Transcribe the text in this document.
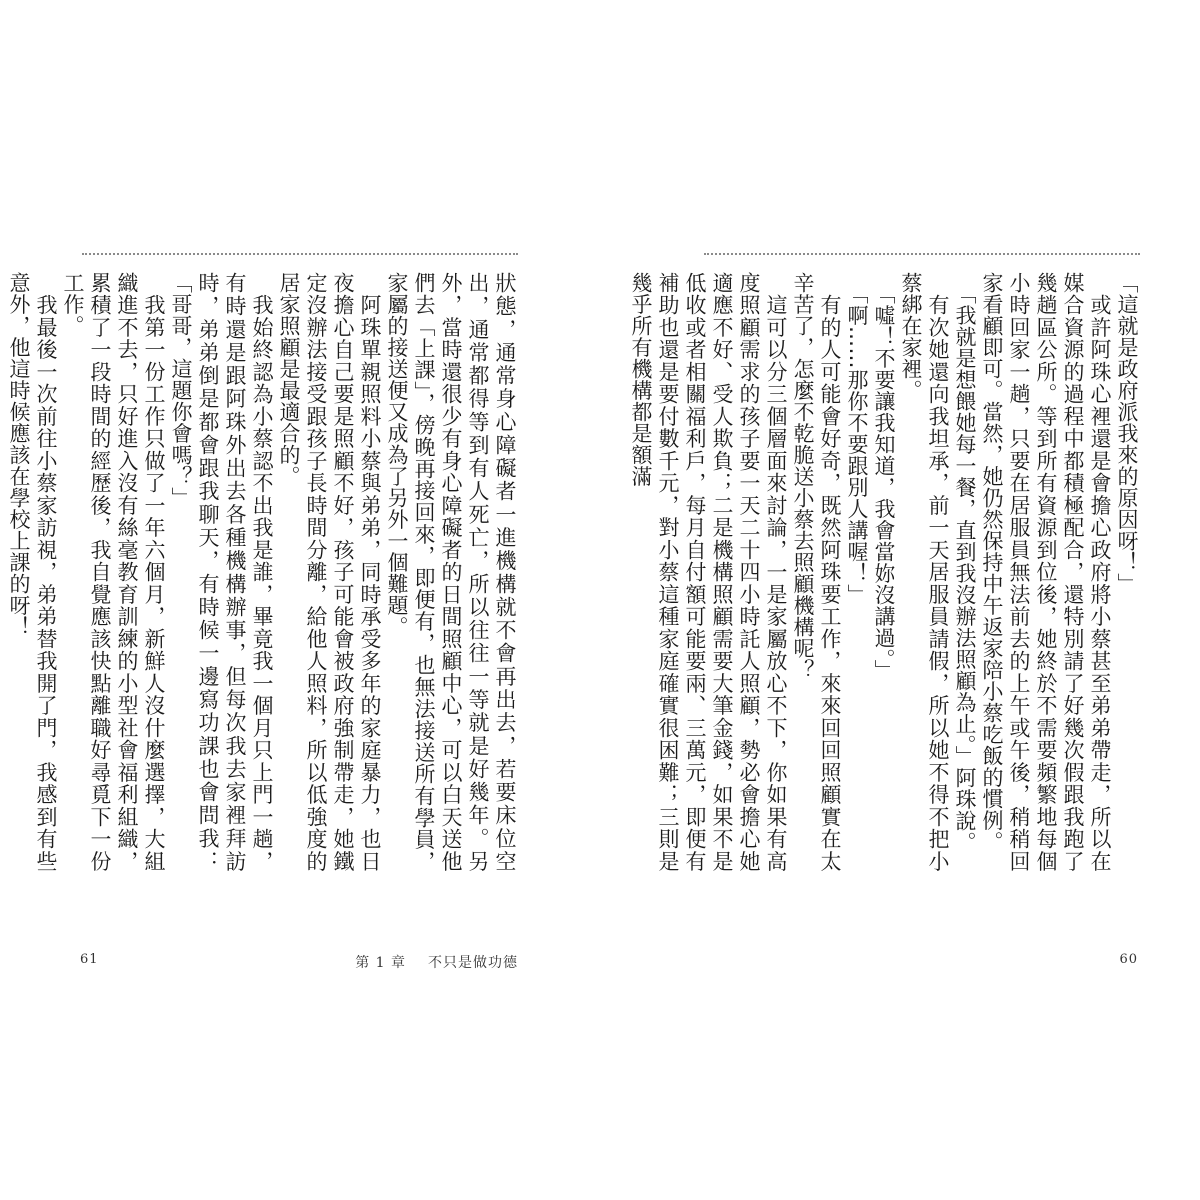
狀態，通常身心障礙者一進機構就不會再出去，若要床位空出，通常都得等到有人死亡，所以往往一等就是好幾年。另外，當時還很少有身心障礙者的日間照顧中心，可以白天送他們去「上課」，傍晚再接回來，即便有，也無法接送所有學員，家屬的接送便又成為了另外一個難題。

　阿珠單親照料小蔡與弟弟，同時承受多年的家庭暴力，也日夜擔心自己要是照顧不好，孩子可能會被政府強制帶走，她鐵定沒辦法接受跟孩子長時間分離，給他人照料，所以低強度的居家照顧是最適合的。

　我始終認為小蔡認不出我是誰，畢竟我一個月只上門一趟，有時還是跟阿珠外出去各種機構辦事，但每次我去家裡拜訪時，弟弟倒是都會跟我聊天，有時候一邊寫功課也會問我：「哥哥，這題你會嗎？」

　我第一份工作只做了一年六個月，新鮮人沒什麼選擇，大組織進不去，只好進入沒有絲毫教育訓練的小型社會福利組織，累積了一段時間的經歷後，我自覺應該快點離職好尋覓下一份工作。

　我最後一次前往小蔡家訪視，弟弟替我開了門，我感到有些意外，他這時候應該在學校上課的呀！

61	第 1 章 不只是做功德

「這就是政府派我來的原因呀！」

　或許阿珠心裡還是會擔心政府將小蔡甚至弟弟帶走，所以在媒合資源的過程中都積極配合，還特別請了好幾次假跟我跑了幾趟區公所。等到所有資源到位後，她終於不需要頻繁地每個小時回家一趟，只要在居服員無法前去的上午或午後，稍稍回家看顧即可。當然，她仍然保持中午返家陪小蔡吃飯的慣例。

　「我就是想餵她每一餐，直到我沒辦法照顧為止。」阿珠說。

　有次她還向我坦承，前一天居服員請假，所以她不得不把小蔡綁在家裡。

　「噓！不要讓我知道，我會當妳沒講過。」

　「啊……那你不要跟別人講喔！」

　有的人可能會好奇，既然阿珠要工作，來來回回照顧實在太辛苦了，怎麼不乾脆送小蔡去照顧機構呢？

　這可以分三個層面來討論，一是家屬放心不下，你如果有高度照顧需求的孩子要一天二十四小時託人照顧，勢必會擔心她適應不好、受人欺負；二是機構照顧需要大筆金錢，如果不是低收或者相關福利戶，每月自付額可能要兩、三萬元，即便有補助也還是要付數千元，對小蔡這種家庭確實很困難；三則是幾乎所有機構都是額滿

60
